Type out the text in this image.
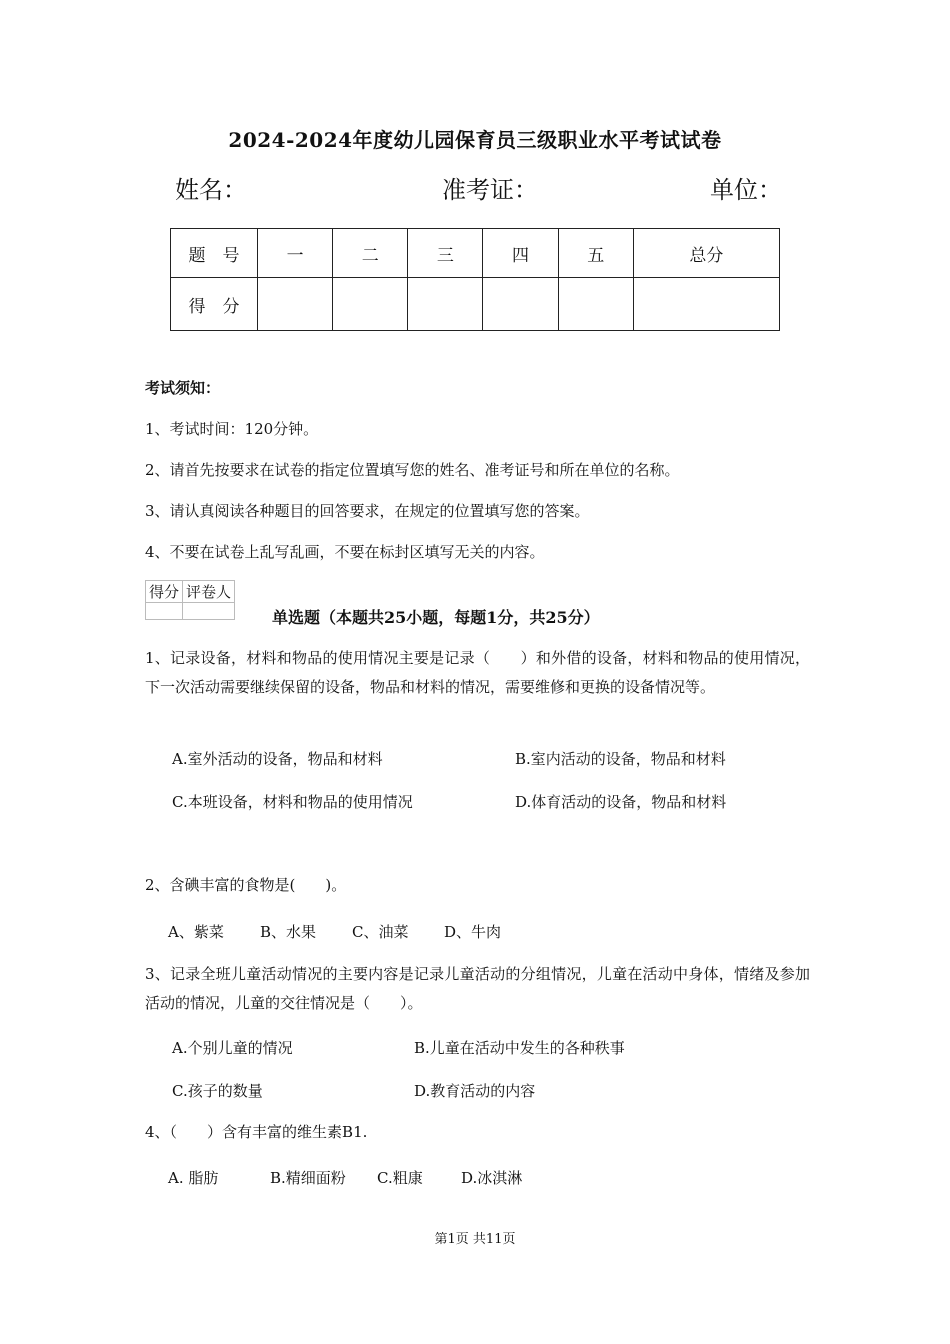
2024-2024年度幼儿园保育员三级职业水平考试试卷
姓名：	准考证：	单位：
题　号	一	二	三	四	五	总分
得　分						
考试须知：
1、考试时间：120分钟。
2、请首先按要求在试卷的指定位置填写您的姓名、准考证号和所在单位的名称。
3、请认真阅读各种题目的回答要求，在规定的位置填写您的答案。
4、不要在试卷上乱写乱画，不要在标封区填写无关的内容。
得分	评卷人

单选题（本题共25小题，每题1分，共25分）
1、记录设备，材料和物品的使用情况主要是记录（　　）和外借的设备，材料和物品的使用情况，下一次活动需要继续保留的设备，物品和材料的情况，需要维修和更换的设备情况等。
A.室外活动的设备，物品和材料	B.室内活动的设备，物品和材料
C.本班设备，材料和物品的使用情况	D.体育活动的设备，物品和材料
2、含碘丰富的食物是(　　)。
A、紫菜 B、水果 C、油菜 D、牛肉
3、记录全班儿童活动情况的主要内容是记录儿童活动的分组情况，儿童在活动中身体，情绪及参加活动的情况，儿童的交往情况是（　　）。
A.个别儿童的情况	B.儿童在活动中发生的各种秩事
C.孩子的数量	D.教育活动的内容
4、（　　）含有丰富的维生素B1.
A. 脂肪	B.精细面粉 C.粗康	D.冰淇淋
第1页 共11页
